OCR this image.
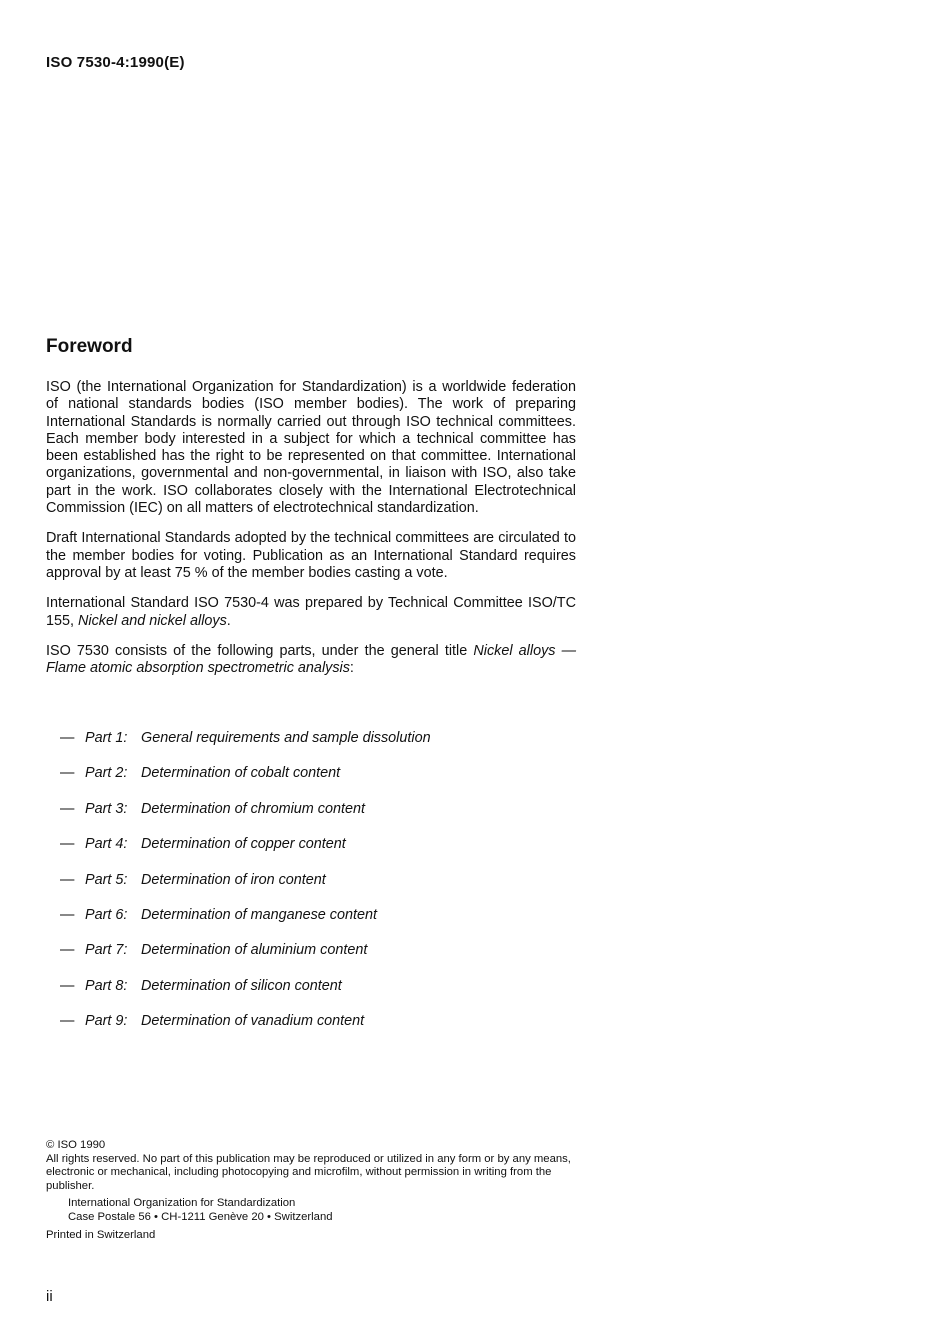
ISO 7530-4:1990(E)
Foreword

ISO (the International Organization for Standardization) is a worldwide federation of national standards bodies (ISO member bodies). The work of preparing International Standards is normally carried out through ISO technical committees. Each member body interested in a subject for which a technical committee has been established has the right to be represented on that committee. International organizations, governmental and non-governmental, in liaison with ISO, also take part in the work. ISO collaborates closely with the International Electrotechnical Commission (IEC) on all matters of electrotechnical standardization.

Draft International Standards adopted by the technical committees are circulated to the member bodies for voting. Publication as an International Standard requires approval by at least 75 % of the member bodies casting a vote.

International Standard ISO 7530-4 was prepared by Technical Committee ISO/TC 155, Nickel and nickel alloys.

ISO 7530 consists of the following parts, under the general title Nickel alloys — Flame atomic absorption spectrometric analysis:

— Part 1: General requirements and sample dissolution
— Part 2: Determination of cobalt content
— Part 3: Determination of chromium content
— Part 4: Determination of copper content
— Part 5: Determination of iron content
— Part 6: Determination of manganese content
— Part 7: Determination of aluminium content
— Part 8: Determination of silicon content
— Part 9: Determination of vanadium content
© ISO 1990
All rights reserved. No part of this publication may be reproduced or utilized in any form or by any means, electronic or mechanical, including photocopying and microfilm, without permission in writing from the publisher.
International Organization for Standardization
Case Postale 56 • CH-1211 Genève 20 • Switzerland
Printed in Switzerland
ii
